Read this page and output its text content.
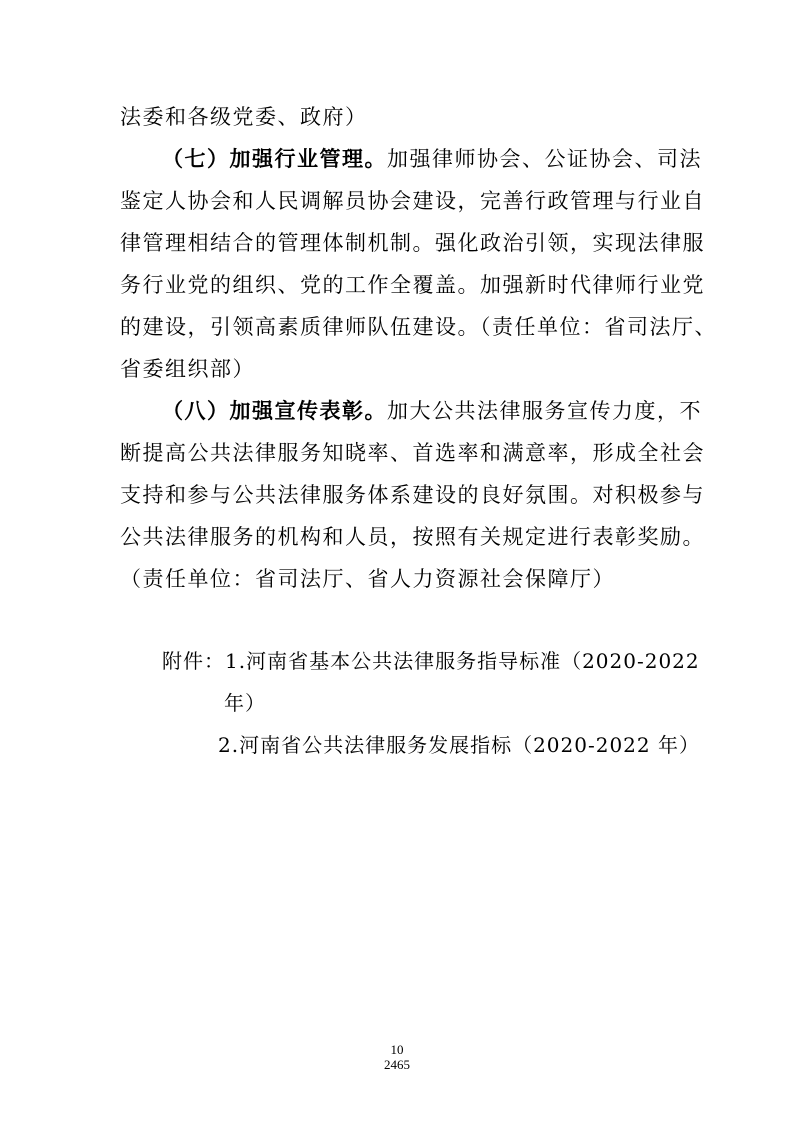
法委和各级党委、政府）
（七）加强行业管理。加强律师协会、公证协会、司法
鉴定人协会和人民调解员协会建设，完善行政管理与行业自
律管理相结合的管理体制机制。强化政治引领，实现法律服
务行业党的组织、党的工作全覆盖。加强新时代律师行业党
的建设，引领高素质律师队伍建设。（责任单位：省司法厅、
省委组织部）
（八）加强宣传表彰。加大公共法律服务宣传力度，不
断提高公共法律服务知晓率、首选率和满意率，形成全社会
支持和参与公共法律服务体系建设的良好氛围。对积极参与
公共法律服务的机构和人员，按照有关规定进行表彰奖励。
（责任单位：省司法厅、省人力资源社会保障厅）
附件：1.河南省基本公共法律服务指导标准（2020-2022
年）
2.河南省公共法律服务发展指标（2020-2022 年）
10
2465
